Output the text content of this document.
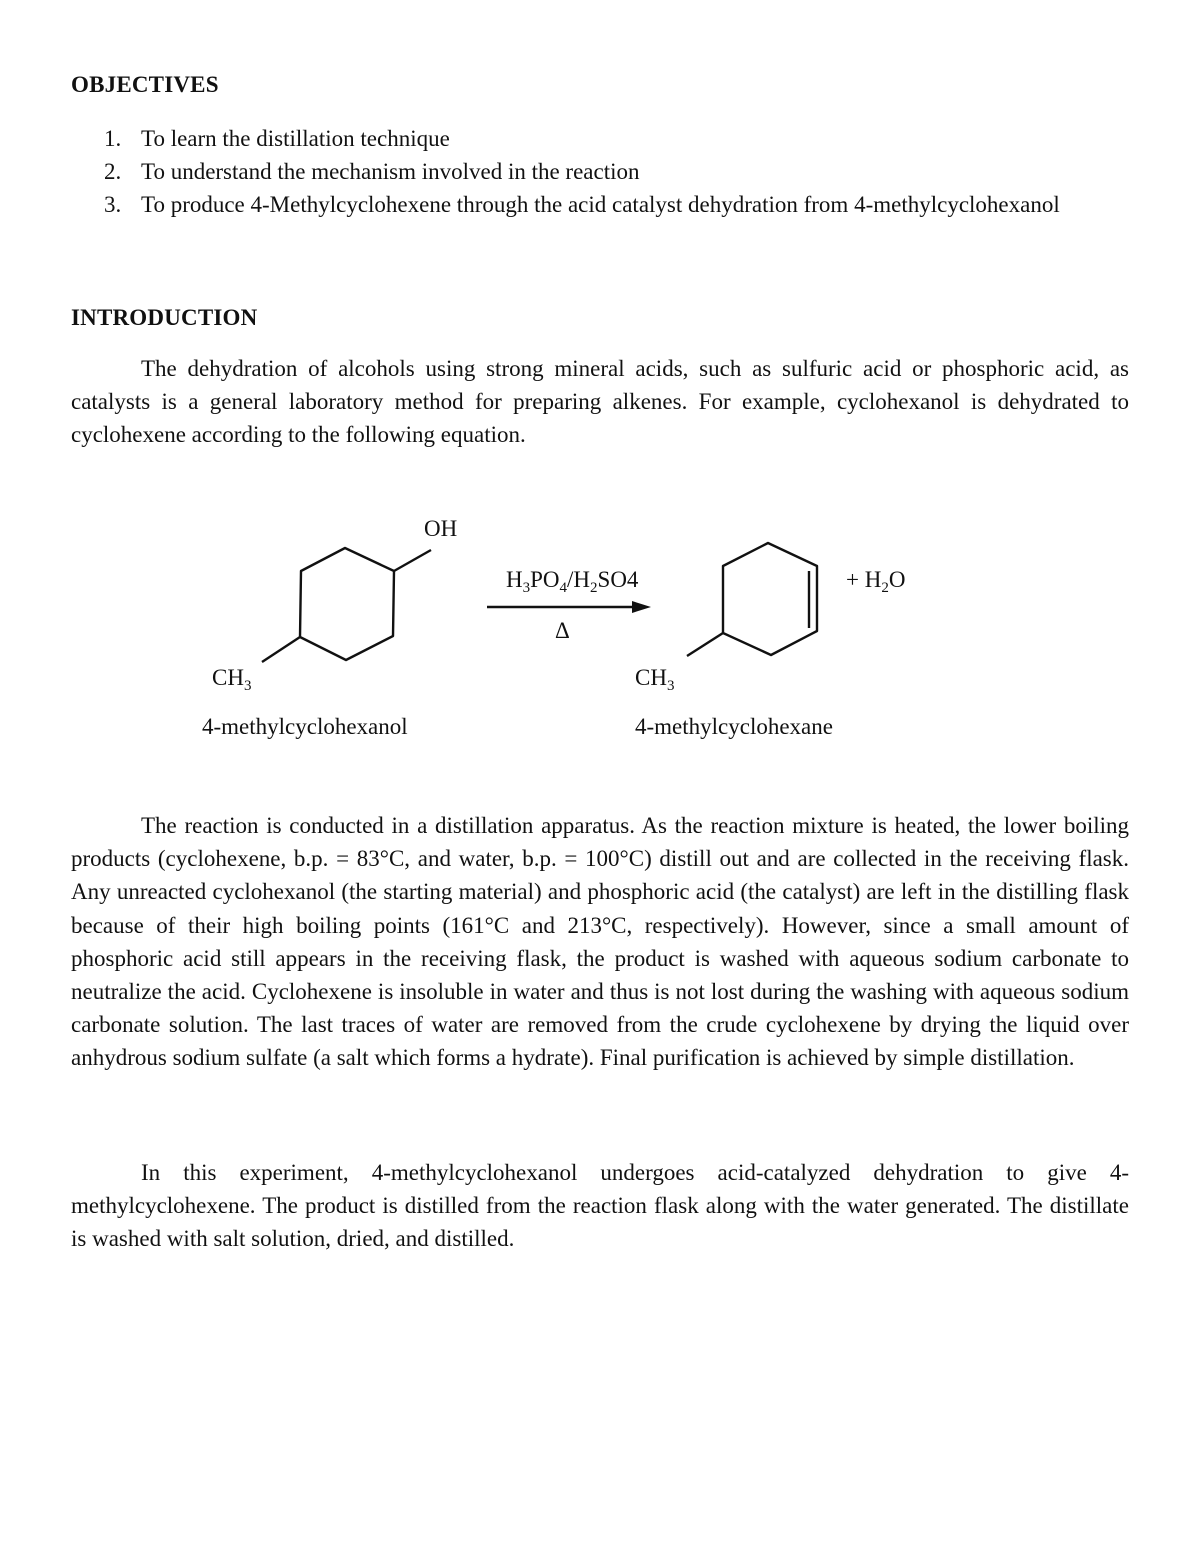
OBJECTIVES
1. To learn the distillation technique
2. To understand the mechanism involved in the reaction
3. To produce 4-Methylcyclohexene through the acid catalyst dehydration from 4-methylcyclohexanol
INTRODUCTION

The dehydration of alcohols using strong mineral acids, such as sulfuric acid or phosphoric acid, as catalysts is a general laboratory method for preparing alkenes. For example, cyclohexanol is dehydrated to cyclohexene according to the following equation.

OH
$H_3PO_4/H_2SO4$
Δ
+ $H_2O$
$CH_3$	$CH_3$
4-methylcyclohexanol	4-methylcyclohexane

The reaction is conducted in a distillation apparatus. As the reaction mixture is heated, the lower boiling products (cyclohexene, b.p. = 83°C, and water, b.p. = 100°C) distill out and are collected in the receiving flask. Any unreacted cyclohexanol (the starting material) and phosphoric acid (the catalyst) are left in the distilling flask because of their high boiling points (161°C and 213°C, respectively). However, since a small amount of phosphoric acid still appears in the receiving flask, the product is washed with aqueous sodium carbonate to neutralize the acid. Cyclohexene is insoluble in water and thus is not lost during the washing with aqueous sodium carbonate solution. The last traces of water are removed from the crude cyclohexene by drying the liquid over anhydrous sodium sulfate (a salt which forms a hydrate). Final purification is achieved by simple distillation.

In this experiment, 4-methylcyclohexanol undergoes acid-catalyzed dehydration to give 4-methylcyclohexene. The product is distilled from the reaction flask along with the water generated. The distillate is washed with salt solution, dried, and distilled.
